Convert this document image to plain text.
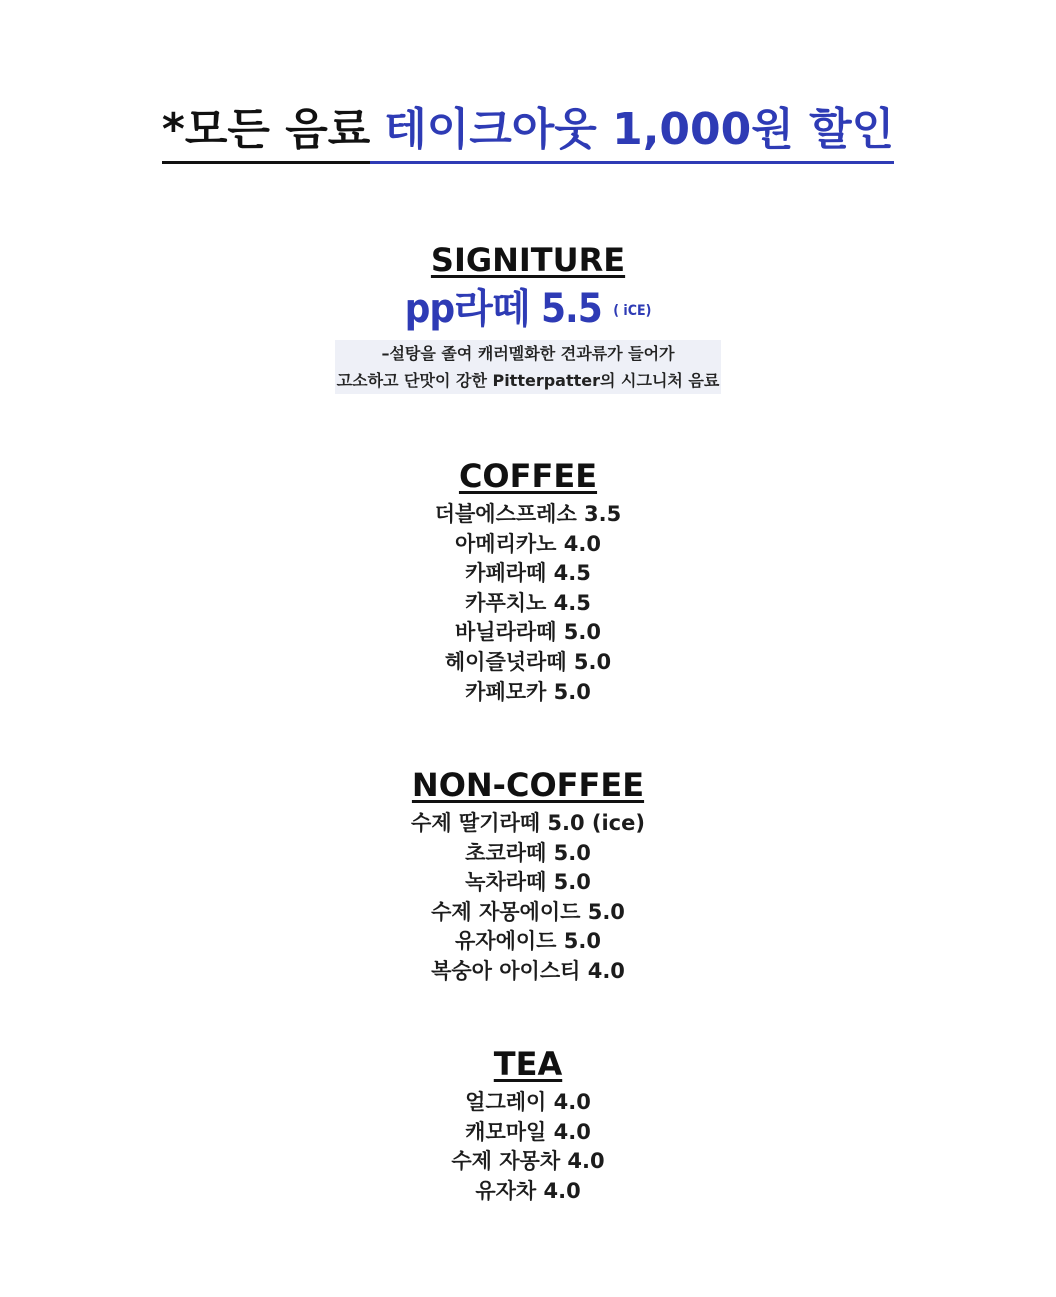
*모든 음료 테이크아웃 1,000원 할인
SIGNITURE
pp라떼 5.5 ( iCE)
–설탕을 졸여 캐러멜화한 견과류가 들어가
고소하고 단맛이 강한 Pitterpatter의 시그니처 음료
COFFEE
더블에스프레소 3.5
아메리카노 4.0
카페라떼 4.5
카푸치노 4.5
바닐라라떼 5.0
헤이즐넛라떼 5.0
카페모카 5.0
NON-COFFEE
수제 딸기라떼 5.0 (ice)
초코라떼 5.0
녹차라떼 5.0
수제 자몽에이드 5.0
유자에이드 5.0
복숭아 아이스티 4.0
TEA
얼그레이 4.0
캐모마일 4.0
수제 자몽차 4.0
유자차 4.0
